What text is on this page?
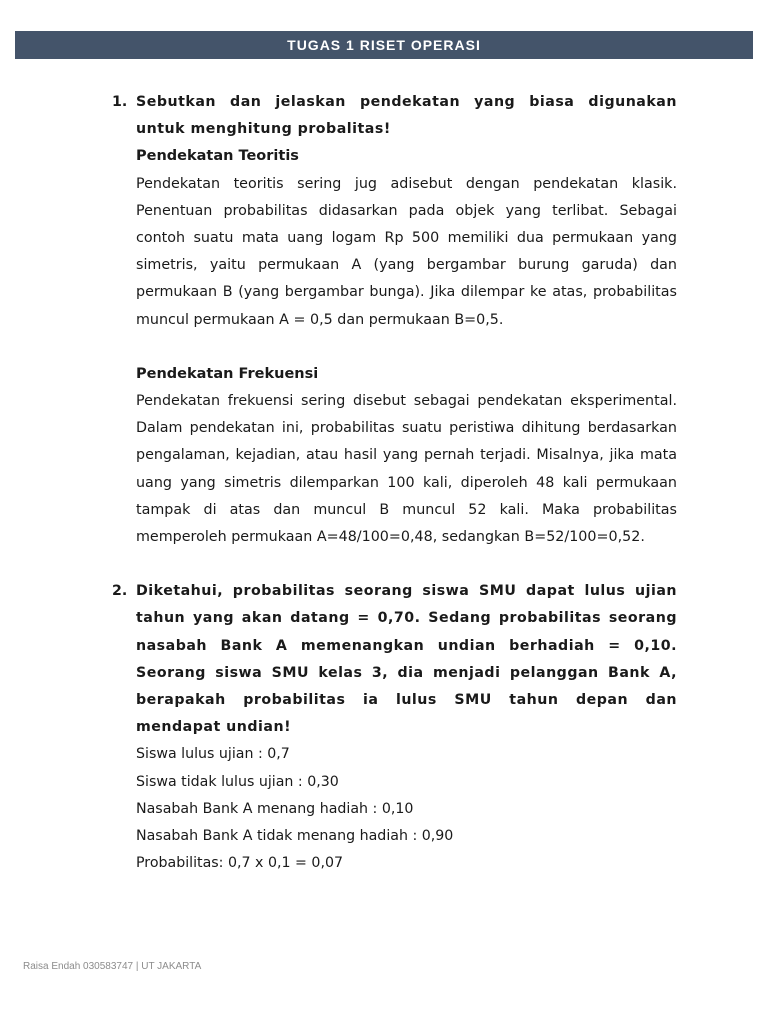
TUGAS 1 RISET OPERASI
1. Sebutkan dan jelaskan pendekatan yang biasa digunakan untuk menghitung probalitas!
Pendekatan Teoritis
Pendekatan teoritis sering jug adisebut dengan pendekatan klasik. Penentuan probabilitas didasarkan pada objek yang terlibat. Sebagai contoh suatu mata uang logam Rp 500 memiliki dua permukaan yang simetris, yaitu permukaan A (yang bergambar burung garuda) dan permukaan B (yang bergambar bunga). Jika dilempar ke atas, probabilitas muncul permukaan A = 0,5 dan permukaan B=0,5.
Pendekatan Frekuensi
Pendekatan frekuensi sering disebut sebagai pendekatan eksperimental. Dalam pendekatan ini, probabilitas suatu peristiwa dihitung berdasarkan pengalaman, kejadian, atau hasil yang pernah terjadi. Misalnya, jika mata uang yang simetris dilemparkan 100 kali, diperoleh 48 kali permukaan tampak di atas dan muncul B muncul 52 kali. Maka probabilitas memperoleh permukaan A=48/100=0,48, sedangkan B=52/100=0,52.
2. Diketahui, probabilitas seorang siswa SMU dapat lulus ujian tahun yang akan datang = 0,70. Sedang probabilitas seorang nasabah Bank A memenangkan undian berhadiah = 0,10. Seorang siswa SMU kelas 3, dia menjadi pelanggan Bank A, berapakah probabilitas ia lulus SMU tahun depan dan mendapat undian!
Siswa lulus ujian : 0,7
Siswa tidak lulus ujian : 0,30
Nasabah Bank A menang hadiah : 0,10
Nasabah Bank A tidak menang hadiah : 0,90
Probabilitas: 0,7 x 0,1 = 0,07
Raisa Endah 030583747 | UT JAKARTA
